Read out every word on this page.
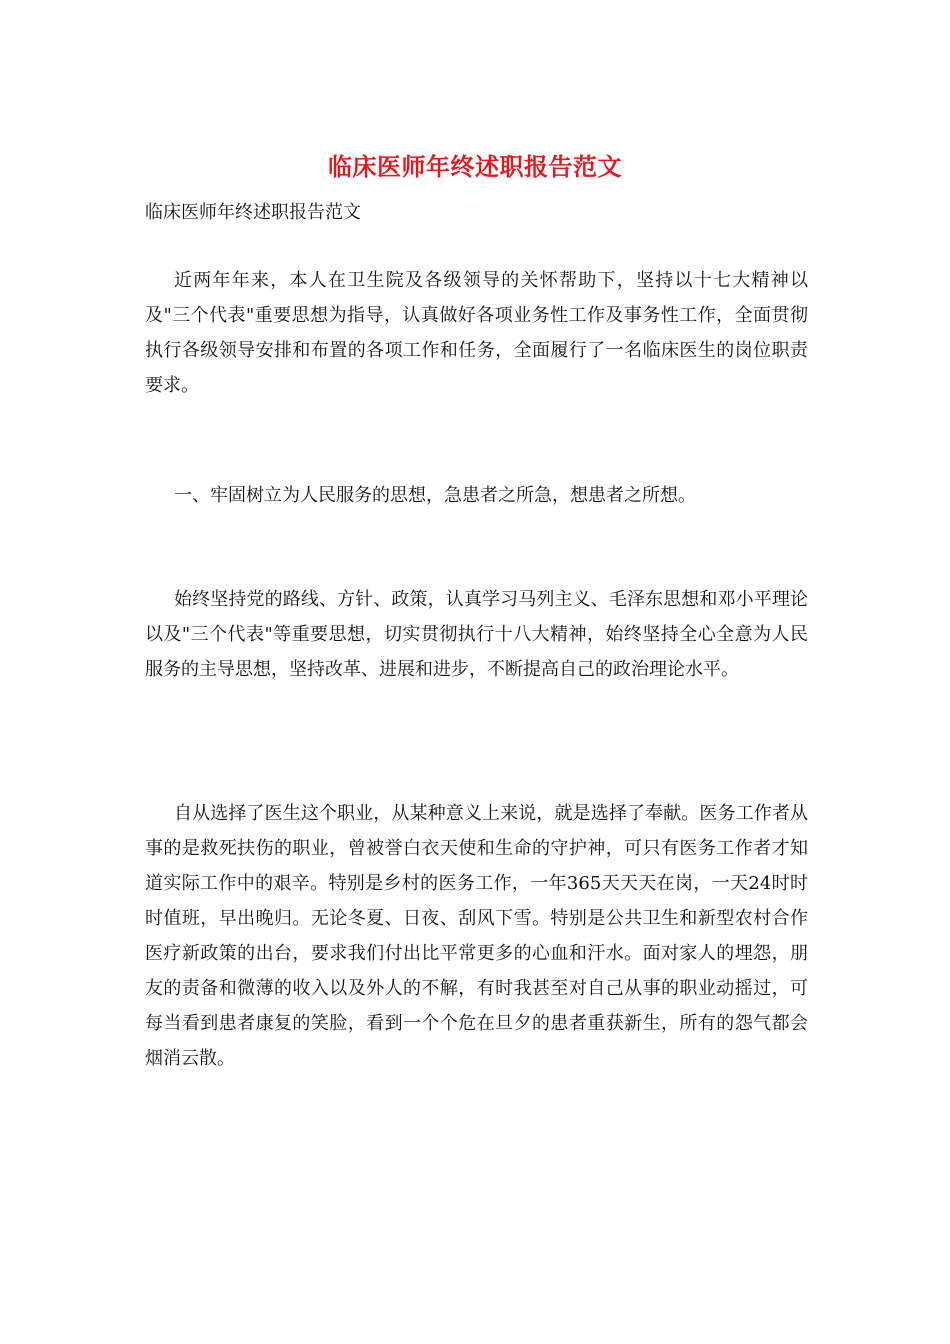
临床医师年终述职报告范文
临床医师年终述职报告范文

近两年年来，本人在卫生院及各级领导的关怀帮助下，坚持以十七大精神以及"三个代表"重要思想为指导，认真做好各项业务性工作及事务性工作，全面贯彻执行各级领导安排和布置的各项工作和任务，全面履行了一名临床医生的岗位职责要求。

一、牢固树立为人民服务的思想，急患者之所急，想患者之所想。

始终坚持党的路线、方针、政策，认真学习马列主义、毛泽东思想和邓小平理论以及"三个代表"等重要思想，切实贯彻执行十八大精神，始终坚持全心全意为人民服务的主导思想，坚持改革、进展和进步，不断提高自己的政治理论水平。

自从选择了医生这个职业，从某种意义上来说，就是选择了奉献。医务工作者从事的是救死扶伤的职业，曾被誉白衣天使和生命的守护神，可只有医务工作者才知道实际工作中的艰辛。特别是乡村的医务工作，一年365天天天在岗，一天24时时时值班，早出晚归。无论冬夏、日夜、刮风下雪。特别是公共卫生和新型农村合作医疗新政策的出台，要求我们付出比平常更多的心血和汗水。面对家人的埋怨，朋友的责备和微薄的收入以及外人的不解，有时我甚至对自己从事的职业动摇过，可每当看到患者康复的笑脸，看到一个个危在旦夕的患者重获新生，所有的怨气都会烟消云散。
